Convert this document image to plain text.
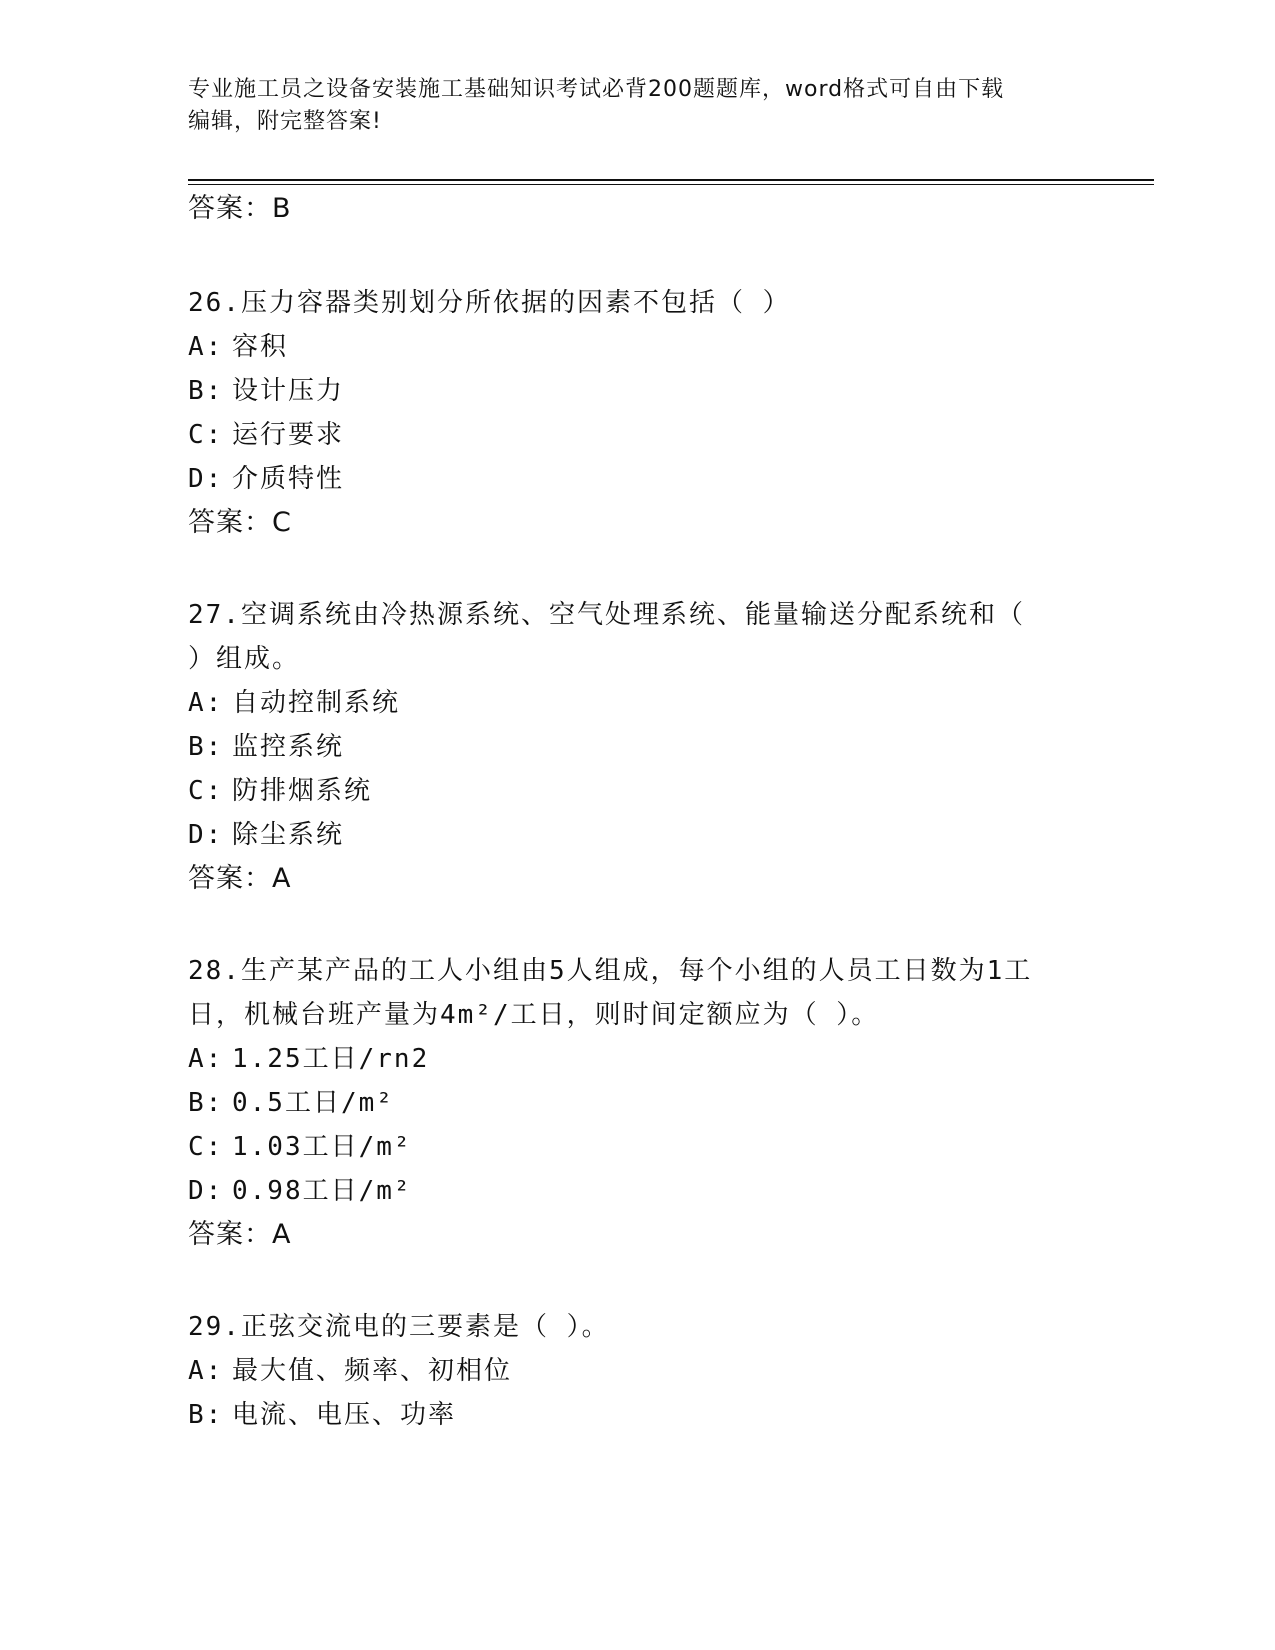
专业施工员之设备安装施工基础知识考试必背200题题库，word格式可自由下载
编辑，附完整答案!
答案：B
26.压力容器类别划分所依据的因素不包括（ ）
A: 容积
B: 设计压力
C: 运行要求
D: 介质特性
答案：C
27.空调系统由冷热源系统、空气处理系统、能量输送分配系统和（
）组成。
A: 自动控制系统
B: 监控系统
C: 防排烟系统
D: 除尘系统
答案：A
28.生产某产品的工人小组由5人组成，每个小组的人员工日数为1工
日，机械台班产量为4m²/工日，则时间定额应为（ ）。
A: 1.25工日/rn2
B: 0.5工日/m²
C: 1.03工日/m²
D: 0.98工日/m²
答案：A
29.正弦交流电的三要素是（ ）。
A: 最大值、频率、初相位
B: 电流、电压、功率
